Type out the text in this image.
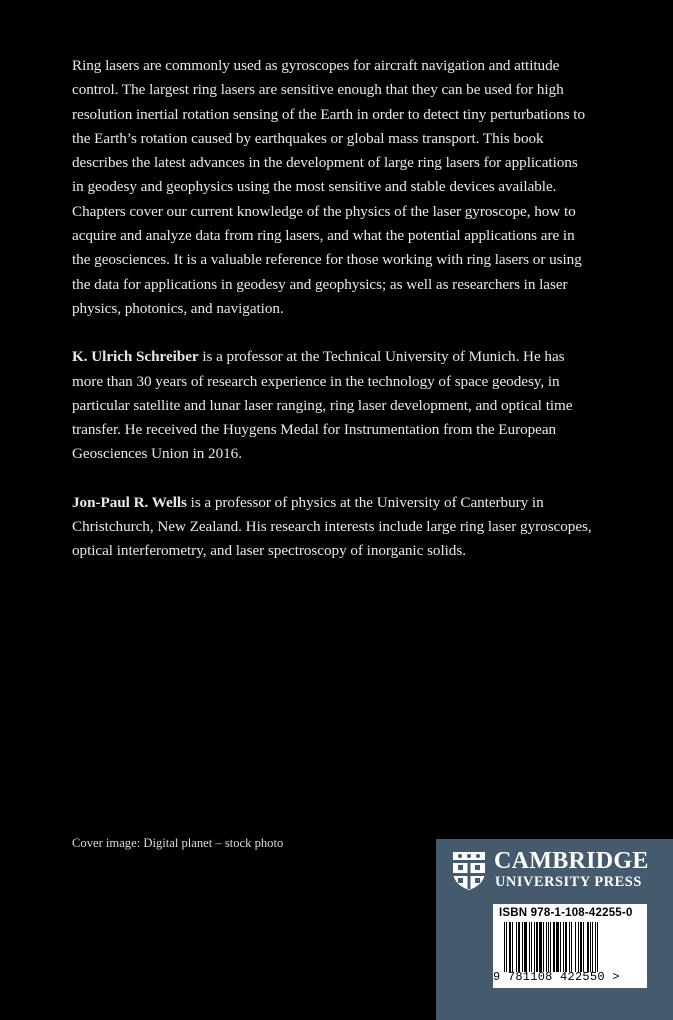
Ring lasers are commonly used as gyroscopes for aircraft navigation and attitude control. The largest ring lasers are sensitive enough that they can be used for high resolution inertial rotation sensing of the Earth in order to detect tiny perturbations to the Earth’s rotation caused by earthquakes or global mass transport. This book describes the latest advances in the development of large ring lasers for applications in geodesy and geophysics using the most sensitive and stable devices available. Chapters cover our current knowledge of the physics of the laser gyroscope, how to acquire and analyze data from ring lasers, and what the potential applications are in the geosciences. It is a valuable reference for those working with ring lasers or using the data for applications in geodesy and geophysics; as well as researchers in laser physics, photonics, and navigation.

K. Ulrich Schreiber is a professor at the Technical University of Munich. He has more than 30 years of research experience in the technology of space geodesy, in particular satellite and lunar laser ranging, ring laser development, and optical time transfer. He received the Huygens Medal for Instrumentation from the European Geosciences Union in 2016.

Jon-Paul R. Wells is a professor of physics at the University of Canterbury in Christchurch, New Zealand. His research interests include large ring laser gyroscopes, optical interferometry, and laser spectroscopy of inorganic solids.

Cover image: Digital planet – stock photo
CAMBRIDGE
UNIVERSITY PRESS
ISBN 978-1-108-42255-0
9 781108 422550 >
